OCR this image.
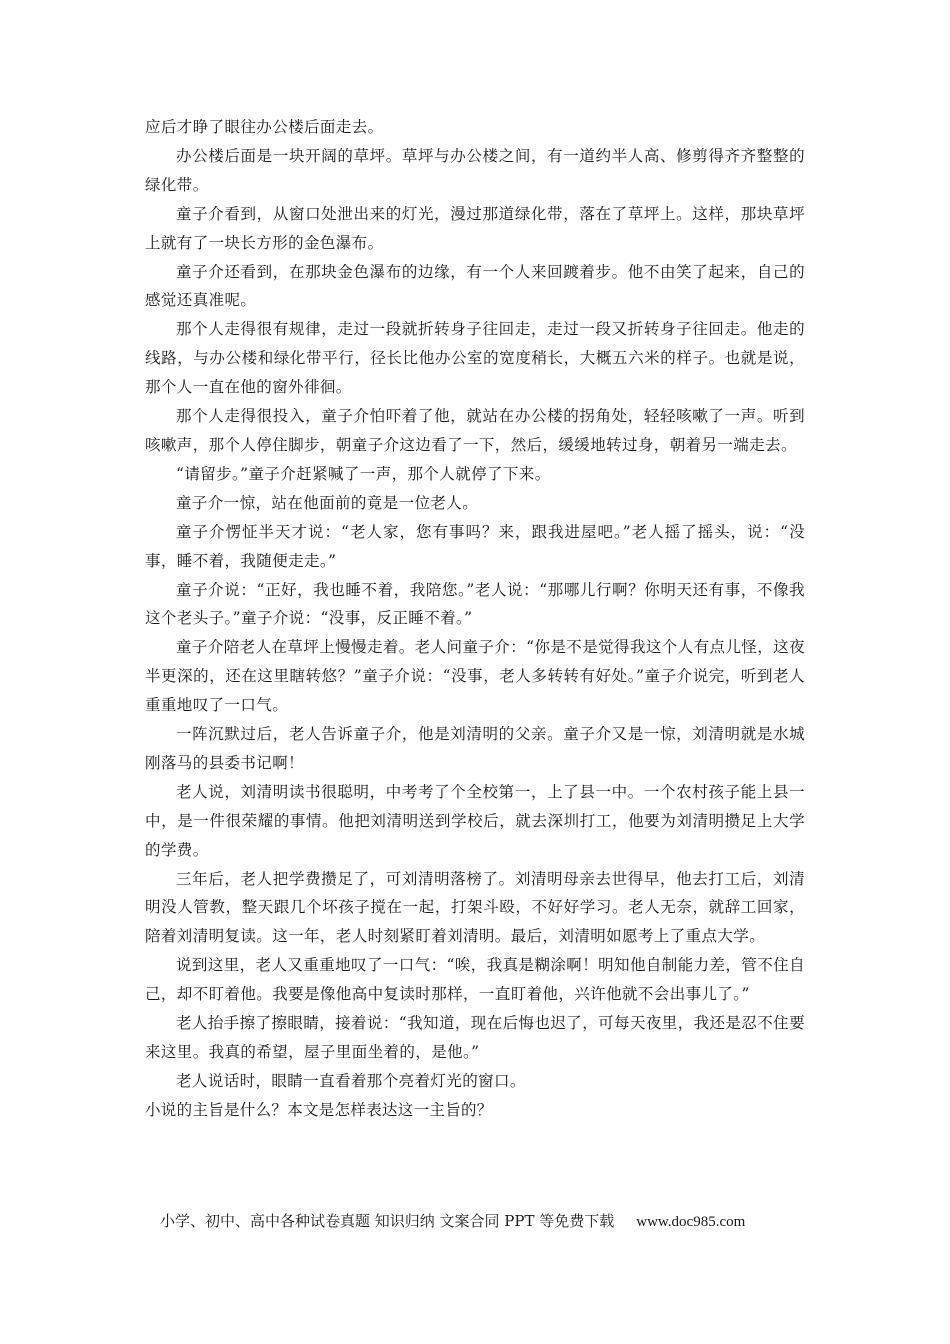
应后才睁了眼往办公楼后面走去。

办公楼后面是一块开阔的草坪。草坪与办公楼之间，有一道约半人高、修剪得齐齐整整的绿化带。

童子介看到，从窗口处泄出来的灯光，漫过那道绿化带，落在了草坪上。这样，那块草坪上就有了一块长方形的金色瀑布。

童子介还看到，在那块金色瀑布的边缘，有一个人来回踱着步。他不由笑了起来，自己的感觉还真准呢。

那个人走得很有规律，走过一段就折转身子往回走，走过一段又折转身子往回走。他走的线路，与办公楼和绿化带平行，径长比他办公室的宽度稍长，大概五六米的样子。也就是说，那个人一直在他的窗外徘徊。

那个人走得很投入，童子介怕吓着了他，就站在办公楼的拐角处，轻轻咳嗽了一声。听到咳嗽声，那个人停住脚步，朝童子介这边看了一下，然后，缓缓地转过身，朝着另一端走去。

“请留步。”童子介赶紧喊了一声，那个人就停了下来。

童子介一惊，站在他面前的竟是一位老人。

童子介愣怔半天才说：“老人家，您有事吗？来，跟我进屋吧。”老人摇了摇头，说：“没事，睡不着，我随便走走。”

童子介说：“正好，我也睡不着，我陪您。”老人说：“那哪儿行啊？你明天还有事，不像我这个老头子。”童子介说：“没事，反正睡不着。”

童子介陪老人在草坪上慢慢走着。老人问童子介：“你是不是觉得我这个人有点儿怪，这夜半更深的，还在这里瞎转悠？”童子介说：“没事，老人多转转有好处。”童子介说完，听到老人重重地叹了一口气。

一阵沉默过后，老人告诉童子介，他是刘清明的父亲。童子介又是一惊，刘清明就是水城刚落马的县委书记啊！

老人说，刘清明读书很聪明，中考考了个全校第一，上了县一中。一个农村孩子能上县一中，是一件很荣耀的事情。他把刘清明送到学校后，就去深圳打工，他要为刘清明攒足上大学的学费。

三年后，老人把学费攒足了，可刘清明落榜了。刘清明母亲去世得早，他去打工后，刘清明没人管教，整天跟几个坏孩子搅在一起，打架斗殴，不好好学习。老人无奈，就辞工回家，陪着刘清明复读。这一年，老人时刻紧盯着刘清明。最后，刘清明如愿考上了重点大学。

说到这里，老人又重重地叹了一口气：“唉，我真是糊涂啊！明知他自制能力差，管不住自己，却不盯着他。我要是像他高中复读时那样，一直盯着他，兴许他就不会出事儿了。”

老人抬手擦了擦眼睛，接着说：“我知道，现在后悔也迟了，可每天夜里，我还是忍不住要来这里。我真的希望，屋子里面坐着的，是他。”

老人说话时，眼睛一直看着那个亮着灯光的窗口。

小说的主旨是什么？本文是怎样表达这一主旨的？
小学、初中、高中各种试卷真题 知识归纳 文案合同 PPT 等免费下载 www.doc985.com
